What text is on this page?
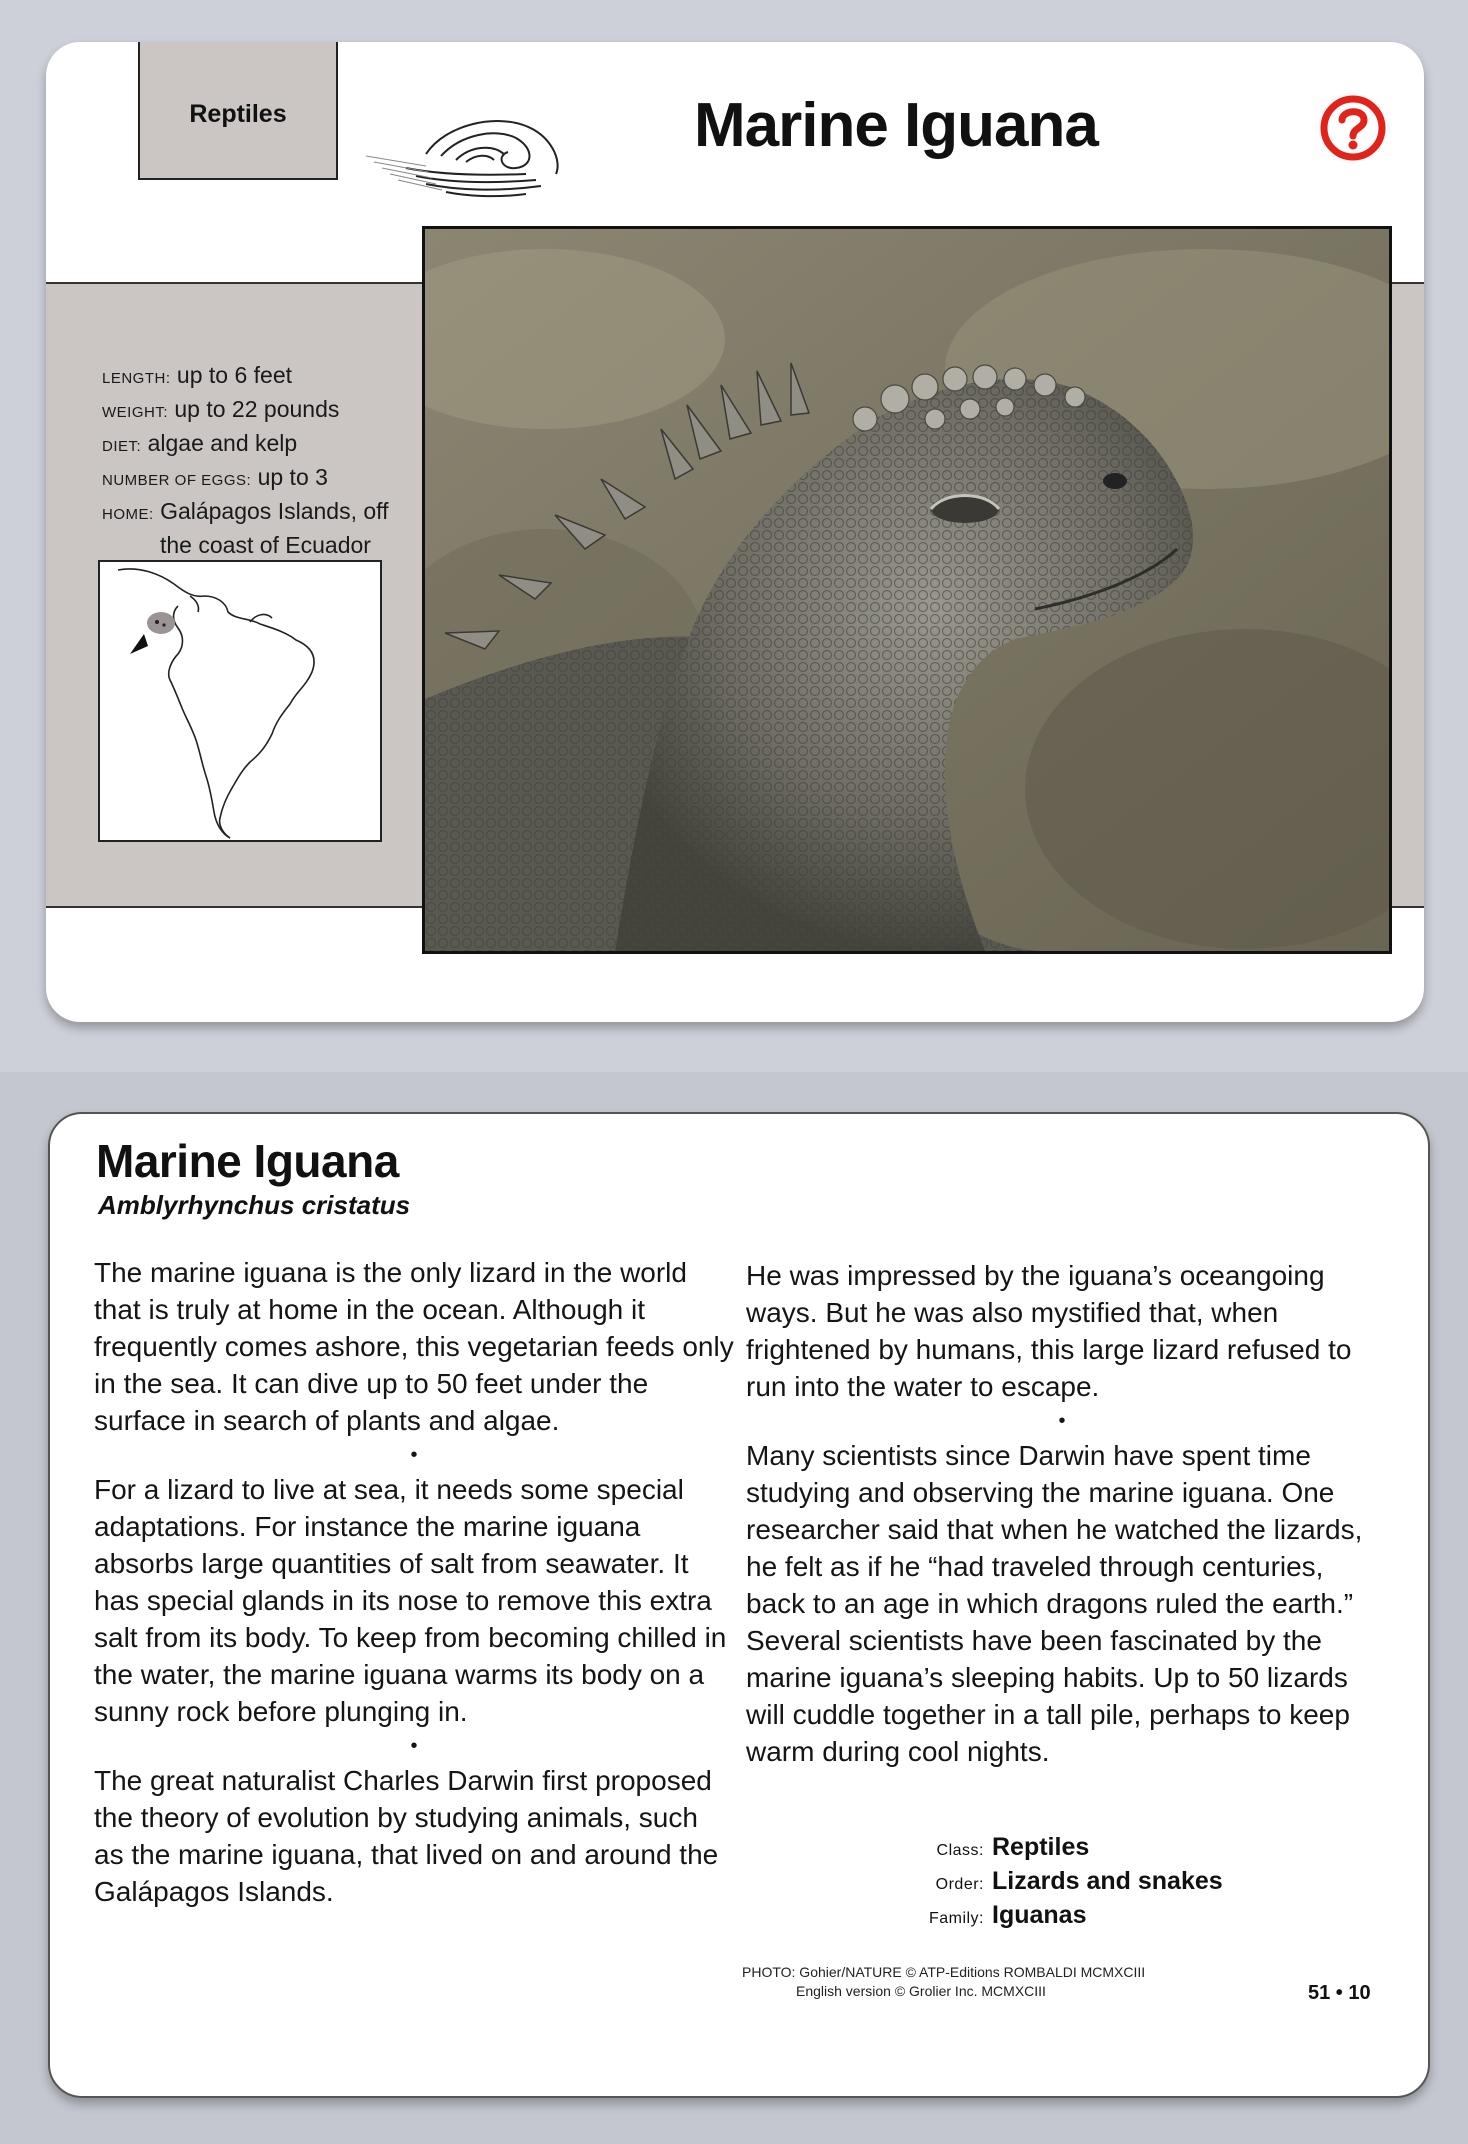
Reptiles	Marine Iguana
LENGTH: up to 6 feet
WEIGHT: up to 22 pounds
DIET: algae and kelp
NUMBER OF EGGS: up to 3
HOME: Galápagos Islands, off
the coast of Ecuador
Marine Iguana
Amblyrhynchus cristatus

The marine iguana is the only lizard in the world that is truly at home in the ocean. Although it frequently comes ashore, this vegetarian feeds only in the sea. It can dive up to 50 feet under the surface in search of plants and algae.

•

For a lizard to live at sea, it needs some special adaptations. For instance the marine iguana absorbs large quantities of salt from seawater. It has special glands in its nose to remove this extra salt from its body. To keep from becoming chilled in the water, the marine iguana warms its body on a sunny rock before plunging in.

•

The great naturalist Charles Darwin first proposed the theory of evolution by studying animals, such as the marine iguana, that lived on and around the Galápagos Islands.

He was impressed by the iguana’s oceangoing ways. But he was also mystified that, when frightened by humans, this large lizard refused to run into the water to escape.

•

Many scientists since Darwin have spent time studying and observing the marine iguana. One researcher said that when he watched the lizards, he felt as if he “had traveled through centuries, back to an age in which dragons ruled the earth.” Several scientists have been fascinated by the marine iguana’s sleeping habits. Up to 50 lizards will cuddle together in a tall pile, perhaps to keep warm during cool nights.

Class: Reptiles
Order: Lizards and snakes
Family: Iguanas
PHOTO: Gohier/NATURE © ATP-Editions ROMBALDI MCMXCIII
English version © Grolier Inc. MCMXCIII	51 • 10
